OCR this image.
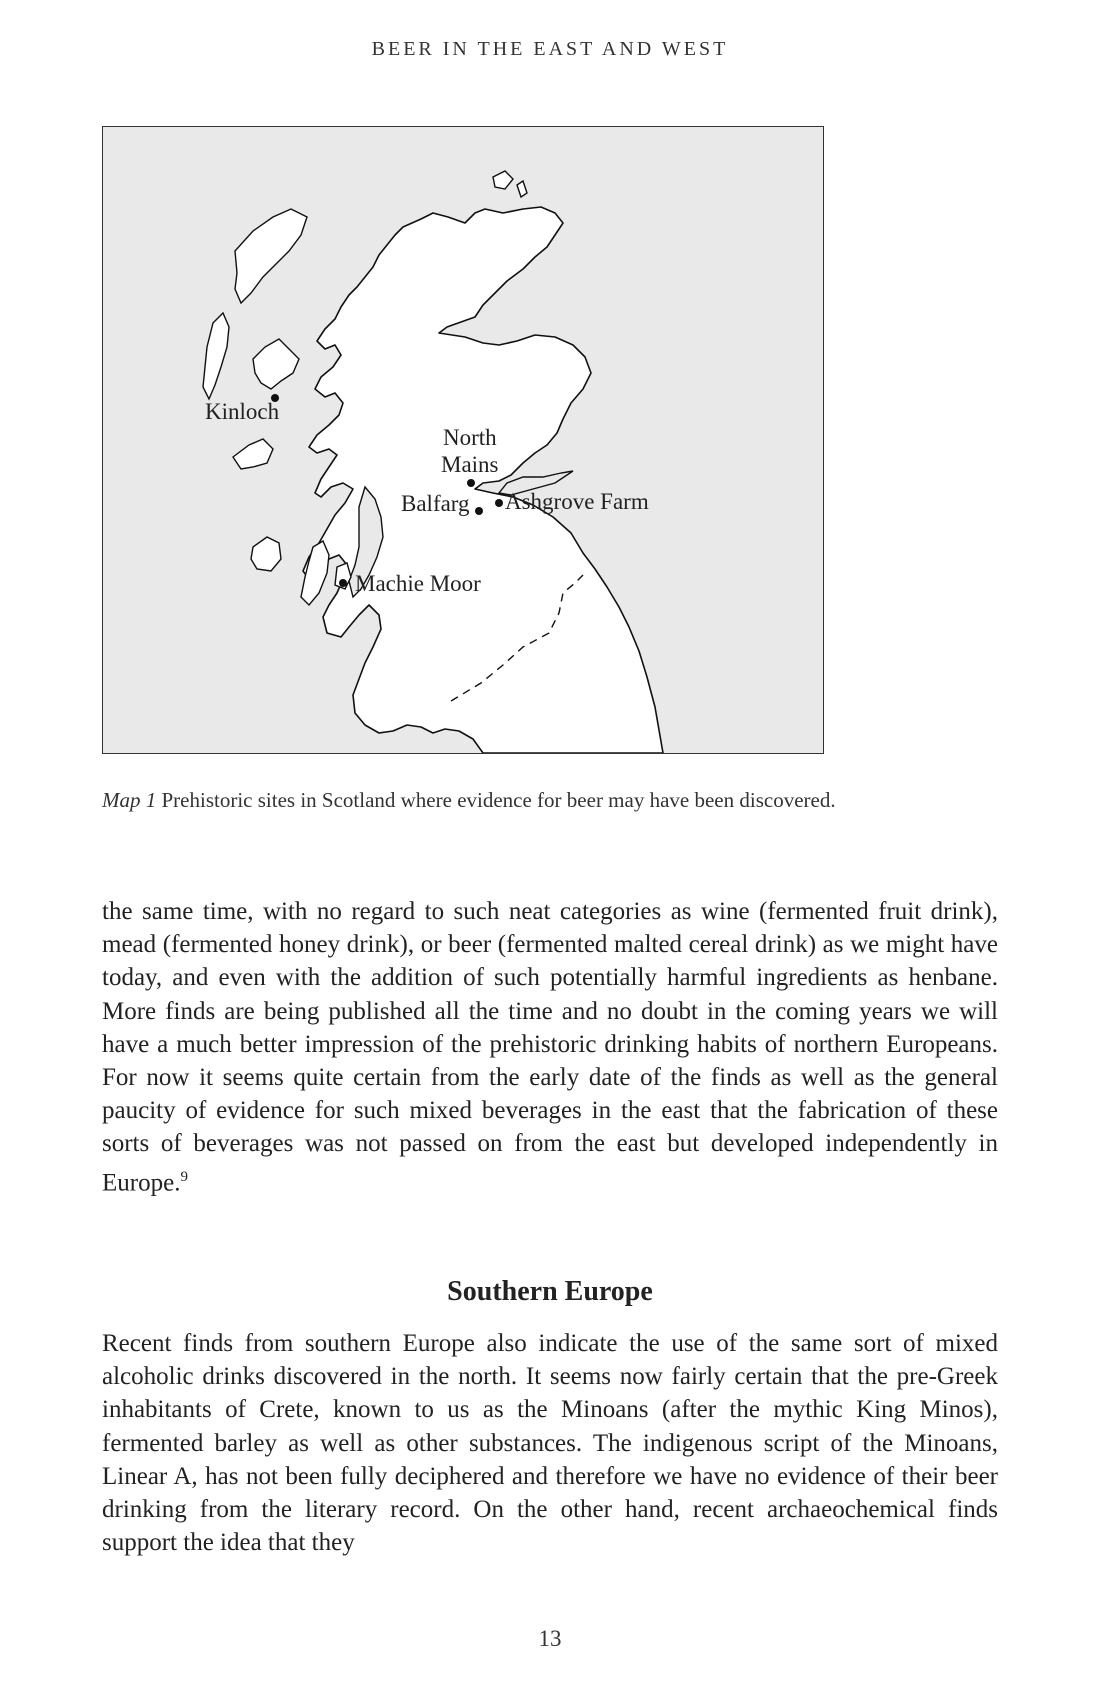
BEER IN THE EAST AND WEST
Kinloch
North
Mains
Balfarg Ashgrove Farm
Machie Moor
Map 1 Prehistoric sites in Scotland where evidence for beer may have been discovered.
the same time, with no regard to such neat categories as wine (fermented fruit drink), mead (fermented honey drink), or beer (fermented malted cereal drink) as we might have today, and even with the addition of such potentially harmful ingredients as henbane. More finds are being published all the time and no doubt in the coming years we will have a much better impression of the prehistoric drinking habits of northern Europeans. For now it seems quite certain from the early date of the finds as well as the general paucity of evidence for such mixed beverages in the east that the fabrication of these sorts of beverages was not passed on from the east but developed independently in Europe.$^9$
Southern Europe
Recent finds from southern Europe also indicate the use of the same sort of mixed alcoholic drinks discovered in the north. It seems now fairly certain that the pre-Greek inhabitants of Crete, known to us as the Minoans (after the mythic King Minos), fermented barley as well as other substances. The indigenous script of the Minoans, Linear A, has not been fully deciphered and therefore we have no evidence of their beer drinking from the literary record. On the other hand, recent archaeochemical finds support the idea that they
13
